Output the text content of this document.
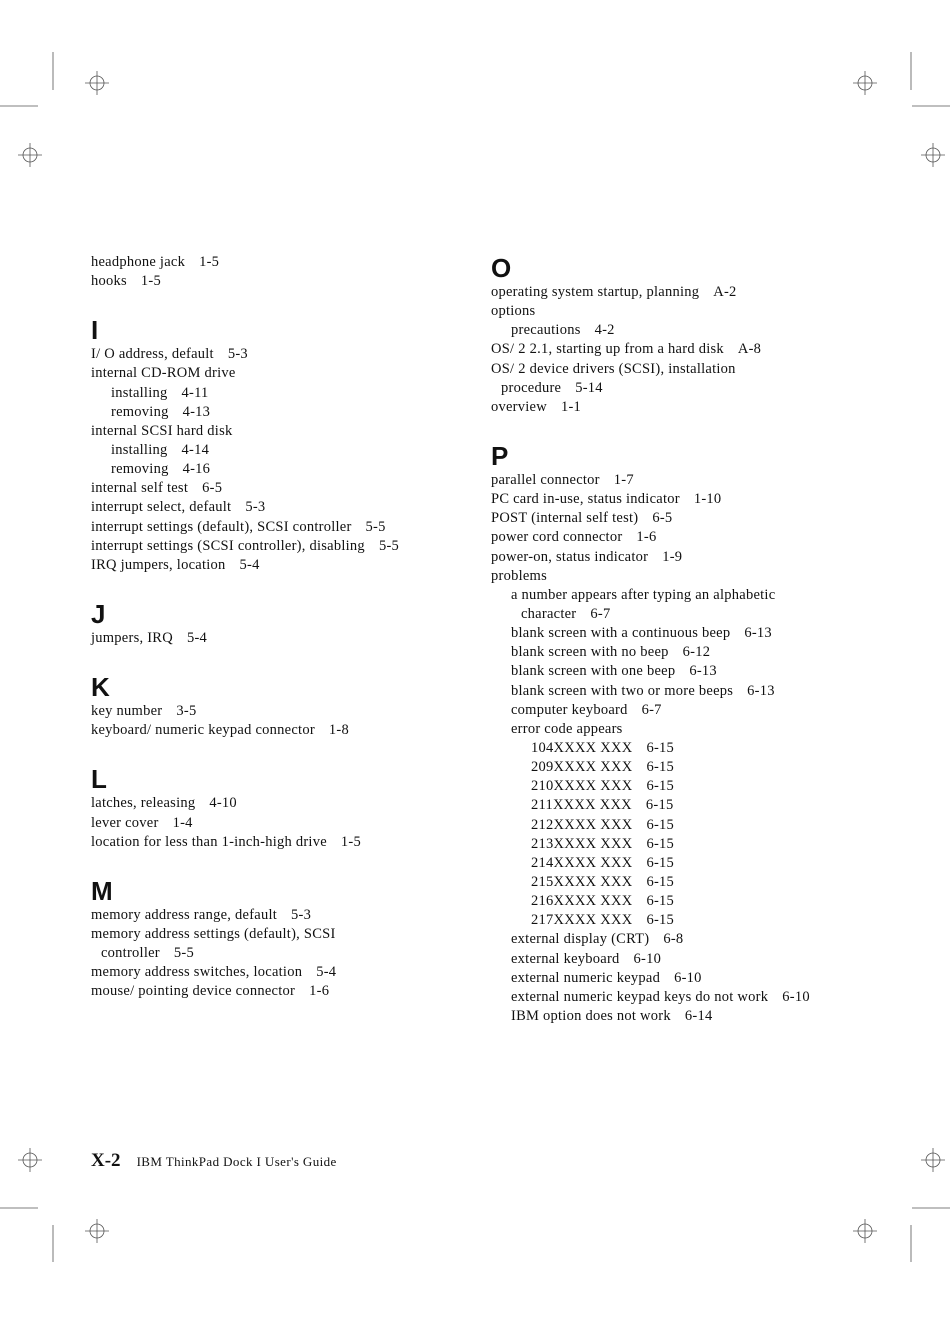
headphone jack 1-5
hooks 1-5
I
I/ O address, default 5-3
internal CD-ROM drive
installing 4-11
removing 4-13
internal SCSI hard disk
installing 4-14
removing 4-16
internal self test 6-5
interrupt select, default 5-3
interrupt settings (default), SCSI controller 5-5
interrupt settings (SCSI controller), disabling 5-5
IRQ jumpers, location 5-4
J
jumpers, IRQ 5-4
K
key number 3-5
keyboard/ numeric keypad connector 1-8
L
latches, releasing 4-10
lever cover 1-4
location for less than 1-inch-high drive 1-5
M
memory address range, default 5-3
memory address settings (default), SCSI
controller 5-5
memory address switches, location 5-4
mouse/ pointing device connector 1-6
O
operating system startup, planning A-2
options
precautions 4-2
OS/ 2 2.1, starting up from a hard disk A-8
OS/ 2 device drivers (SCSI), installation
procedure 5-14
overview 1-1
P
parallel connector 1-7
PC card in-use, status indicator 1-10
POST (internal self test) 6-5
power cord connector 1-6
power-on, status indicator 1-9
problems
a number appears after typing an alphabetic
character 6-7
blank screen with a continuous beep 6-13
blank screen with no beep 6-12
blank screen with one beep 6-13
blank screen with two or more beeps 6-13
computer keyboard 6-7
error code appears
104XXXX XXX 6-15
209XXXX XXX 6-15
210XXXX XXX 6-15
211XXXX XXX 6-15
212XXXX XXX 6-15
213XXXX XXX 6-15
214XXXX XXX 6-15
215XXXX XXX 6-15
216XXXX XXX 6-15
217XXXX XXX 6-15
external display (CRT) 6-8
external keyboard 6-10
external numeric keypad 6-10
external numeric keypad keys do not work 6-10
IBM option does not work 6-14
X-2 IBM ThinkPad Dock I User's Guide
